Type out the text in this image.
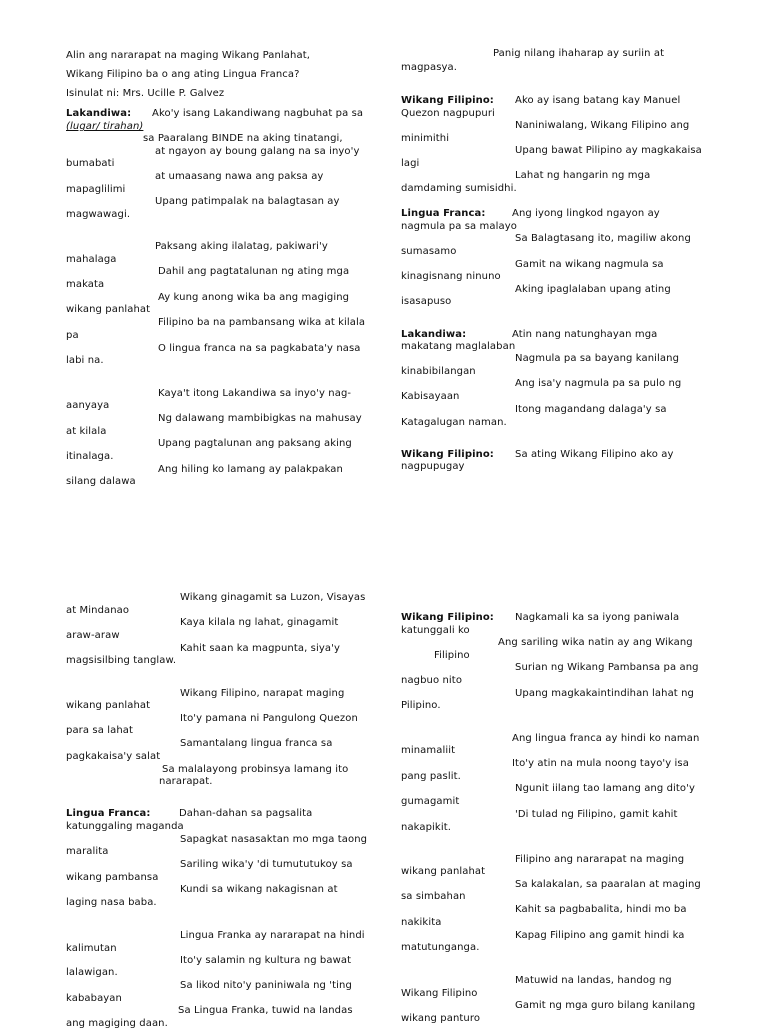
Alin ang nararapat na maging Wikang Panlahat,
Wikang Filipino ba o ang ating Lingua Franca?
Isinulat ni: Mrs. Ucille P. Galvez
Lakandiwa: Ako'y isang Lakandiwang nagbuhat pa sa
(lugar/ tirahan)
sa Paaralang BINDE na aking tinatangi,
at ngayon ay boung galang na sa inyo'y
bumabati
at umaasang nawa ang paksa ay
mapaglilimi
Upang patimpalak na balagtasan ay
magwawagi.
Paksang aking ilalatag, pakiwari'y
mahalaga
Dahil ang pagtatalunan ng ating mga
makata
Ay kung anong wika ba ang magiging
wikang panlahat
Filipino ba na pambansang wika at kilala
pa
O lingua franca na sa pagkabata'y nasa
labi na.
Kaya't itong Lakandiwa sa inyo'y nag-
aanyaya
Ng dalawang mambibigkas na mahusay
at kilala
Upang pagtalunan ang paksang aking
itinalaga.
Ang hiling ko lamang ay palakpakan
silang dalawa
Panig nilang ihaharap ay suriin at
magpasya.
Wikang Filipino: Ako ay isang batang kay Manuel
Quezon nagpupuri
Naniniwalang, Wikang Filipino ang
minimithi
Upang bawat Pilipino ay magkakaisa
lagi
Lahat ng hangarin ng mga
damdaming sumisidhi.
Lingua Franca:	Ang iyong lingkod ngayon ay
nagmula pa sa malayo
Sa Balagtasang ito, magiliw akong
sumasamo
Gamit na wikang nagmula sa
kinagisnang ninuno
Aking ipaglalaban upang ating
isasapuso
Lakandiwa:	Atin nang natunghayan mga
makatang maglalaban
Nagmula pa sa bayang kanilang
kinabibilangan
Ang isa'y nagmula pa sa pulo ng
Kabisayaan
Itong magandang dalaga'y sa
Katagalugan naman.
Wikang Filipino: Sa ating Wikang Filipino ako ay
nagpupugay
Wikang ginagamit sa Luzon, Visayas
at Mindanao
Kaya kilala ng lahat, ginagamit
araw-araw
Kahit saan ka magpunta, siya'y
magsisilbing tanglaw.
Wikang Filipino, narapat maging
wikang panlahat
Ito'y pamana ni Pangulong Quezon
para sa lahat
Samantalang lingua franca sa
pagkakaisa'y salat
Sa malalayong probinsya lamang ito
nararapat.
Lingua Franca:	Dahan-dahan sa pagsalita
katunggaling maganda
Sapagkat nasasaktan mo mga taong
maralita
Sariling wika'y 'di tumututukoy sa
wikang pambansa
Kundi sa wikang nakagisnan at
laging nasa baba.
Lingua Franka ay nararapat na hindi
kalimutan
Ito'y salamin ng kultura ng bawat
lalawigan.
Sa likod nito'y paniniwala ng 'ting
kababayan
Sa Lingua Franka, tuwid na landas
ang magiging daan.
Wikang Filipino: Nagkamali ka sa iyong paniwala
katunggali ko
Ang sariling wika natin ay ang Wikang
Filipino
Surian ng Wikang Pambansa pa ang
nagbuo nito
Upang magkakaintindihan lahat ng
Pilipino.
Ang lingua franca ay hindi ko naman
minamaliit
Ito'y atin na mula noong tayo'y isa
pang paslit.
Ngunit iilang tao lamang ang dito'y
gumagamit
'Di tulad ng Filipino, gamit kahit
nakapikit.
Filipino ang nararapat na maging
wikang panlahat
Sa kalakalan, sa paaralan at maging
sa simbahan
Kahit sa pagbabalita, hindi mo ba
nakikita
Kapag Filipino ang gamit hindi ka
matutunganga.
Matuwid na landas, handog ng
Wikang Filipino
Gamit ng mga guro bilang kanilang
wikang panturo
